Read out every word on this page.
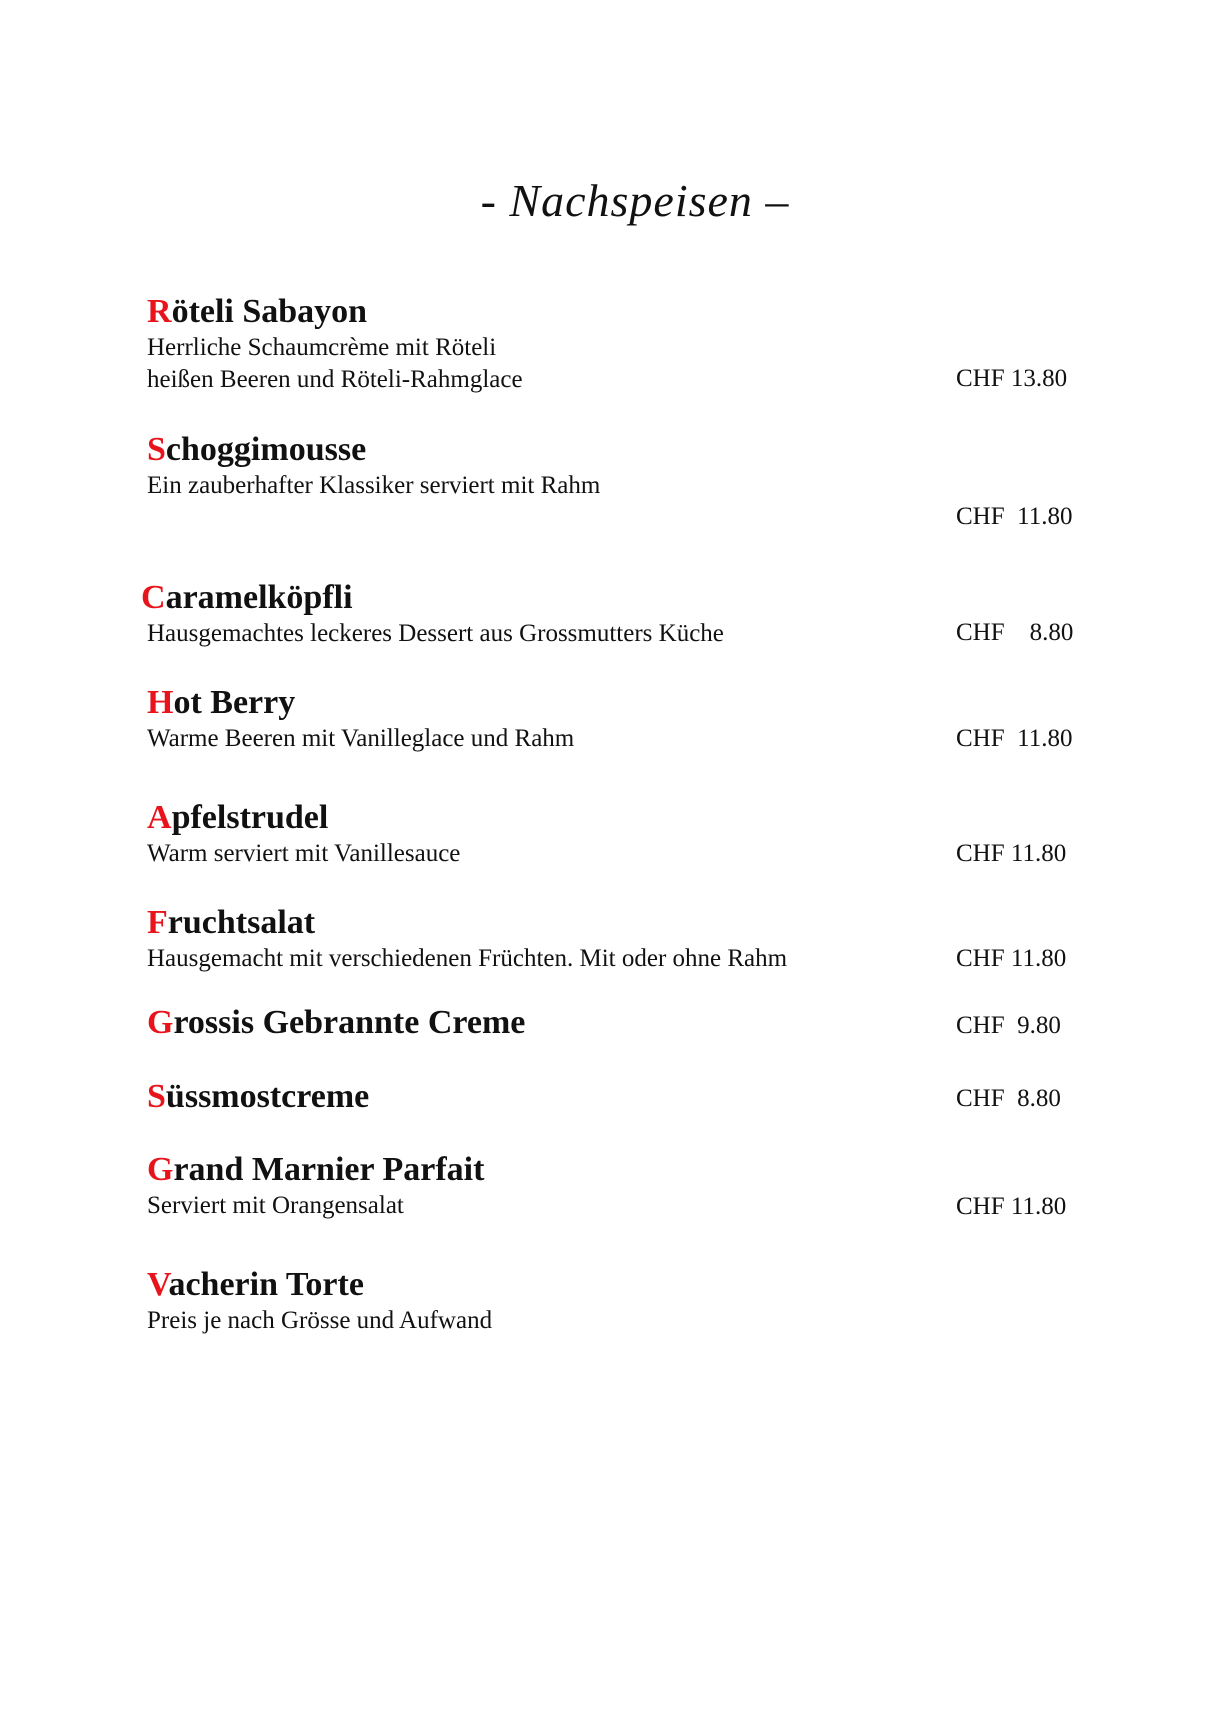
- Nachspeisen –
Röteli Sabayon
Herrliche Schaumcrème mit Röteli
heißen Beeren und Röteli-Rahmglace	CHF 13.80
Schoggimousse
Ein zauberhafter Klassiker serviert mit Rahm
CHF  11.80
Caramelköpfli
Hausgemachtes leckeres Dessert aus Grossmutters Küche	CHF    8.80
Hot Berry
Warme Beeren mit Vanilleglace und Rahm	CHF  11.80
Apfelstrudel
Warm serviert mit Vanillesauce	CHF 11.80
Fruchtsalat
Hausgemacht mit verschiedenen Früchten. Mit oder ohne Rahm	CHF 11.80
Grossis Gebrannte Creme	CHF  9.80
Süssmostcreme	CHF  8.80
Grand Marnier Parfait
Serviert mit Orangensalat	CHF 11.80
Vacherin Torte
Preis je nach Grösse und Aufwand
